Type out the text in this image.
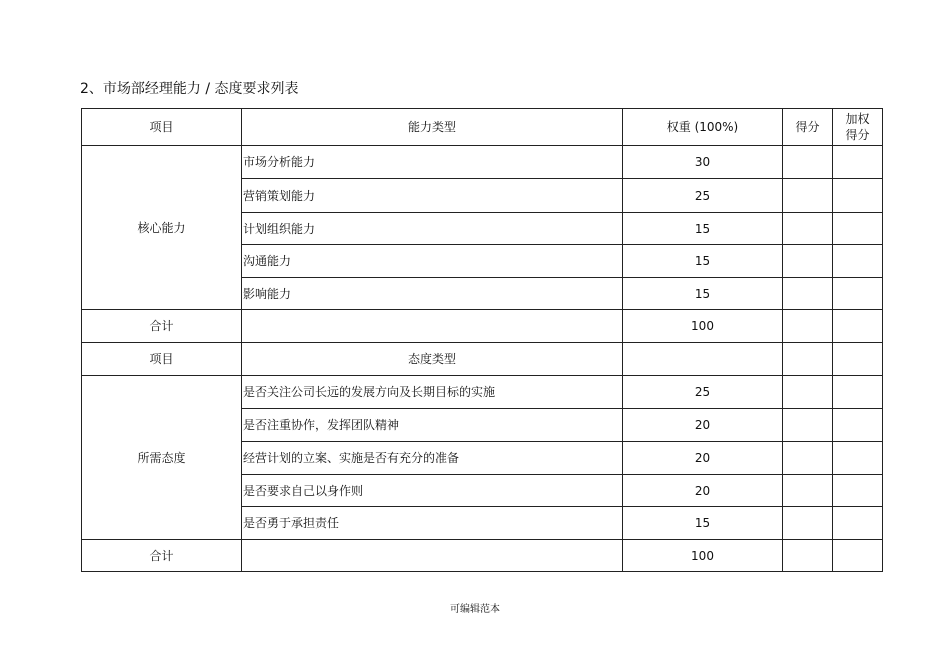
2、市场部经理能力 / 态度要求列表
项目	能力类型	权重 (100%)	得分	加权
得分
核心能力	市场分析能力	30		
	营销策划能力	25		
	计划组织能力	15		
	沟通能力	15		
	影响能力	15		
合计		100		
项目	态度类型			
所需态度	是否关注公司长远的发展方向及长期目标的实施	25		
	是否注重协作，发挥团队精神	20		
	经营计划的立案、实施是否有充分的准备	20		
	是否要求自己以身作则	20		
	是否勇于承担责任	15		
合计		100		
可编辑范本
